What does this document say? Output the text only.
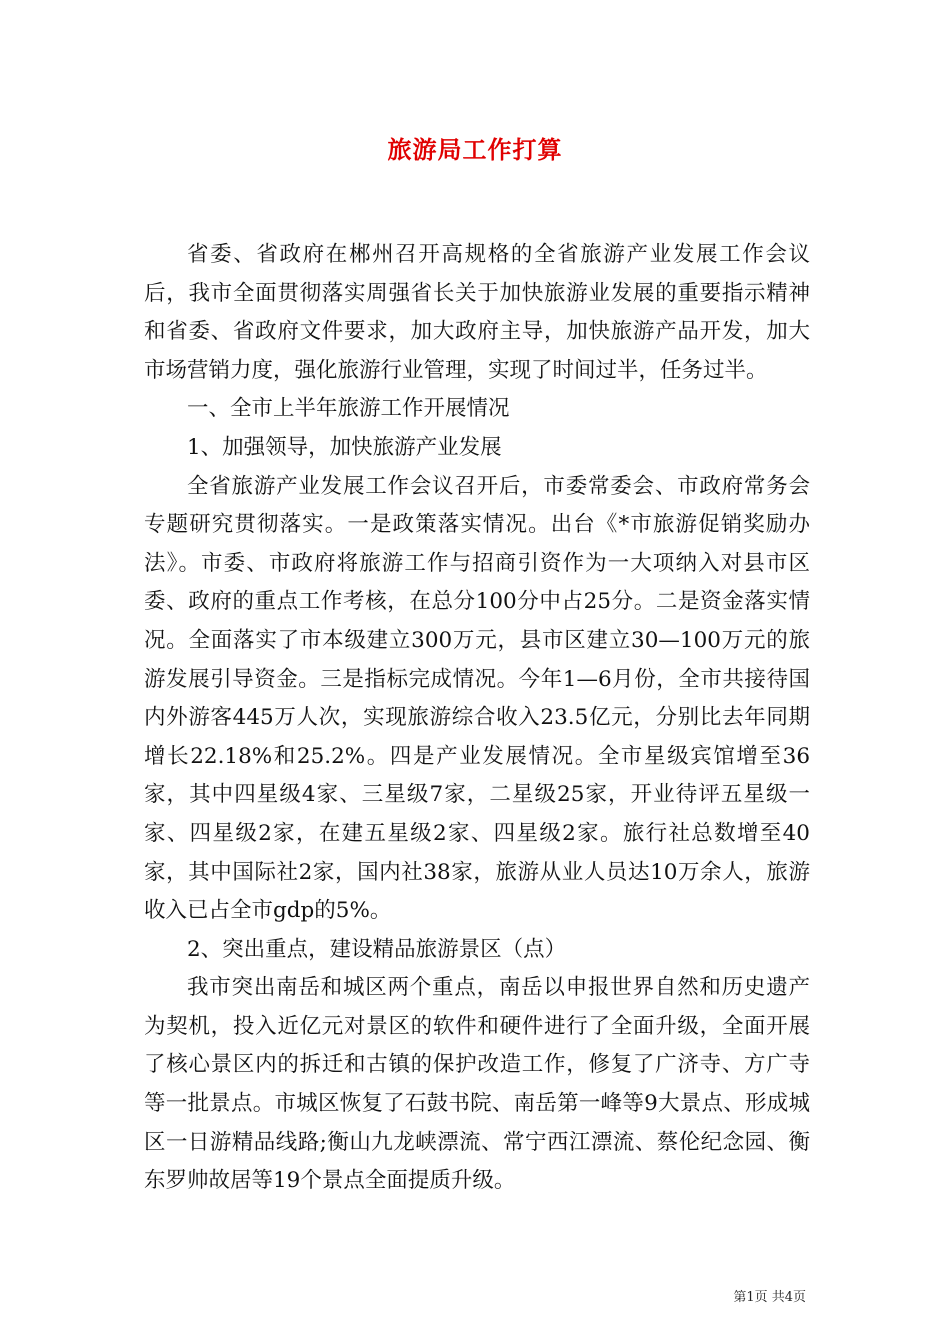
旅游局工作打算

省委、省政府在郴州召开高规格的全省旅游产业发展工作会议后，我市全面贯彻落实周强省长关于加快旅游业发展的重要指示精神和省委、省政府文件要求，加大政府主导，加快旅游产品开发，加大市场营销力度，强化旅游行业管理，实现了时间过半，任务过半。

一、全市上半年旅游工作开展情况

1、加强领导，加快旅游产业发展

全省旅游产业发展工作会议召开后，市委常委会、市政府常务会专题研究贯彻落实。一是政策落实情况。出台《*市旅游促销奖励办法》。市委、市政府将旅游工作与招商引资作为一大项纳入对县市区委、政府的重点工作考核，在总分100分中占25分。二是资金落实情况。全面落实了市本级建立300万元，县市区建立30—100万元的旅游发展引导资金。三是指标完成情况。今年1—6月份，全市共接待国内外游客445万人次，实现旅游综合收入23.5亿元，分别比去年同期增长22.18%和25.2%。四是产业发展情况。全市星级宾馆增至36家，其中四星级4家、三星级7家，二星级25家，开业待评五星级一家、四星级2家，在建五星级2家、四星级2家。旅行社总数增至40家，其中国际社2家，国内社38家，旅游从业人员达10万余人，旅游收入已占全市gdp的5%。

2、突出重点，建设精品旅游景区（点）

我市突出南岳和城区两个重点，南岳以申报世界自然和历史遗产为契机，投入近亿元对景区的软件和硬件进行了全面升级，全面开展了核心景区内的拆迁和古镇的保护改造工作，修复了广济寺、方广寺等一批景点。市城区恢复了石鼓书院、南岳第一峰等9大景点、形成城区一日游精品线路;衡山九龙峡漂流、常宁西江漂流、蔡伦纪念园、衡东罗帅故居等19个景点全面提质升级。

第1页 共4页
